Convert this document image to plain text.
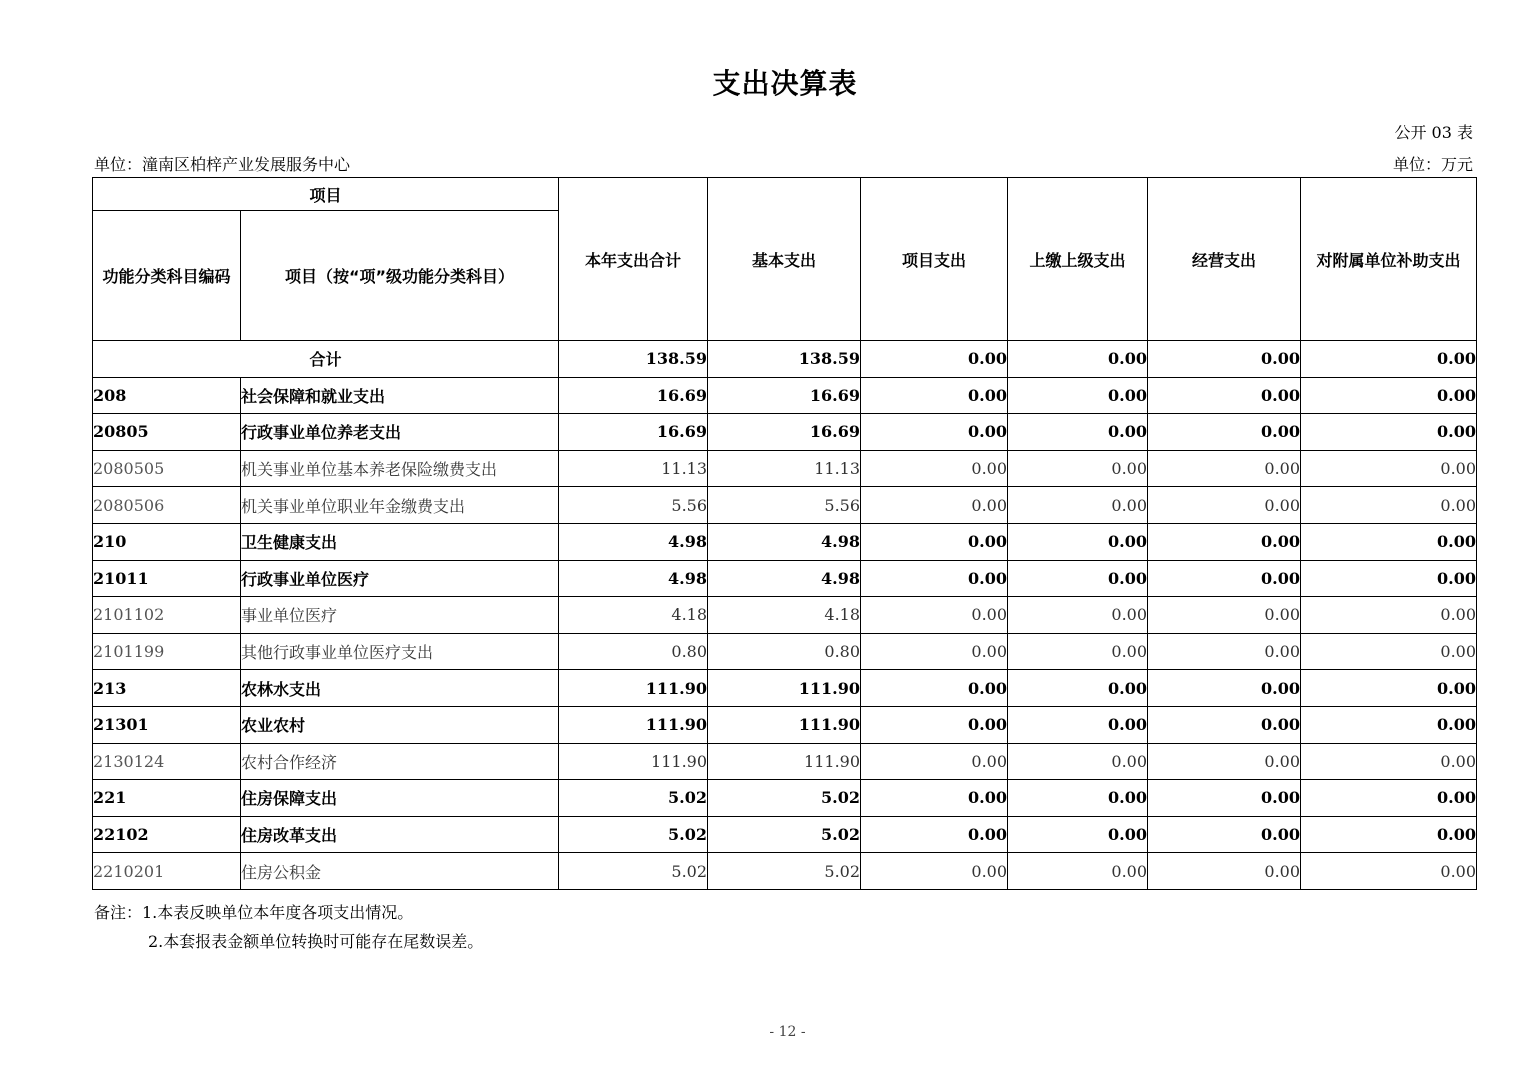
支出决算表
公开 03 表
单位：潼南区柏梓产业发展服务中心	单位：万元
项目		本年支出合计	基本支出	项目支出	上缴上级支出	经营支出	对附属单位补助支出
功能分类科目编码	项目（按“项”级功能分类科目）						
合计		138.59	138.59	0.00	0.00	0.00	0.00
208	社会保障和就业支出	16.69	16.69	0.00	0.00	0.00	0.00
20805	行政事业单位养老支出	16.69	16.69	0.00	0.00	0.00	0.00
2080505	机关事业单位基本养老保险缴费支出	11.13	11.13	0.00	0.00	0.00	0.00
2080506	机关事业单位职业年金缴费支出	5.56	5.56	0.00	0.00	0.00	0.00
210	卫生健康支出	4.98	4.98	0.00	0.00	0.00	0.00
21011	行政事业单位医疗	4.98	4.98	0.00	0.00	0.00	0.00
2101102	事业单位医疗	4.18	4.18	0.00	0.00	0.00	0.00
2101199	其他行政事业单位医疗支出	0.80	0.80	0.00	0.00	0.00	0.00
213	农林水支出	111.90	111.90	0.00	0.00	0.00	0.00
21301	农业农村	111.90	111.90	0.00	0.00	0.00	0.00
2130124	农村合作经济	111.90	111.90	0.00	0.00	0.00	0.00
221	住房保障支出	5.02	5.02	0.00	0.00	0.00	0.00
22102	住房改革支出	5.02	5.02	0.00	0.00	0.00	0.00
2210201	住房公积金	5.02	5.02	0.00	0.00	0.00	0.00
备注：1.本表反映单位本年度各项支出情况。
2.本套报表金额单位转换时可能存在尾数误差。
- 12 -
